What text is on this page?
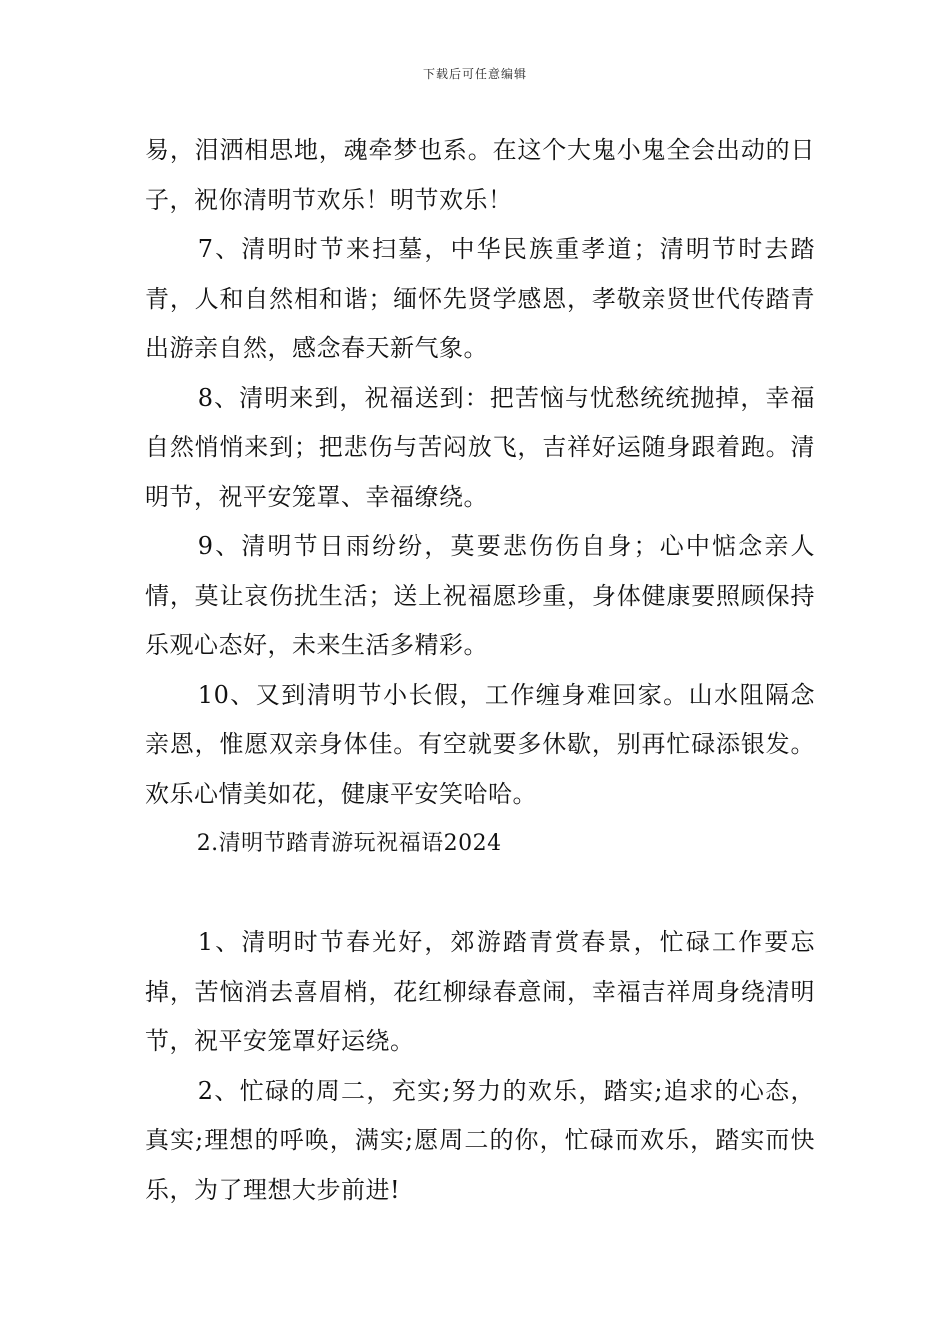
下载后可任意编辑

易，泪洒相思地，魂牵梦也系。在这个大鬼小鬼全会出动的日子，祝你清明节欢乐！明节欢乐！

7、清明时节来扫墓，中华民族重孝道；清明节时去踏青，人和自然相和谐；缅怀先贤学感恩，孝敬亲贤世代传踏青出游亲自然，感念春天新气象。

8、清明来到，祝福送到：把苦恼与忧愁统统抛掉，幸福自然悄悄来到；把悲伤与苦闷放飞，吉祥好运随身跟着跑。清明节，祝平安笼罩、幸福缭绕。

9、清明节日雨纷纷，莫要悲伤伤自身；心中惦念亲人情，莫让哀伤扰生活；送上祝福愿珍重，身体健康要照顾保持乐观心态好，未来生活多精彩。

10、又到清明节小长假，工作缠身难回家。山水阻隔念亲恩，惟愿双亲身体佳。有空就要多休歇，别再忙碌添银发。欢乐心情美如花，健康平安笑哈哈。

2.清明节踏青游玩祝福语2024

1、清明时节春光好，郊游踏青赏春景，忙碌工作要忘掉，苦恼消去喜眉梢，花红柳绿春意闹，幸福吉祥周身绕清明节，祝平安笼罩好运绕。

2、忙碌的周二，充实;努力的欢乐，踏实;追求的心态，真实;理想的呼唤，满实;愿周二的你，忙碌而欢乐，踏实而快乐，为了理想大步前进!
